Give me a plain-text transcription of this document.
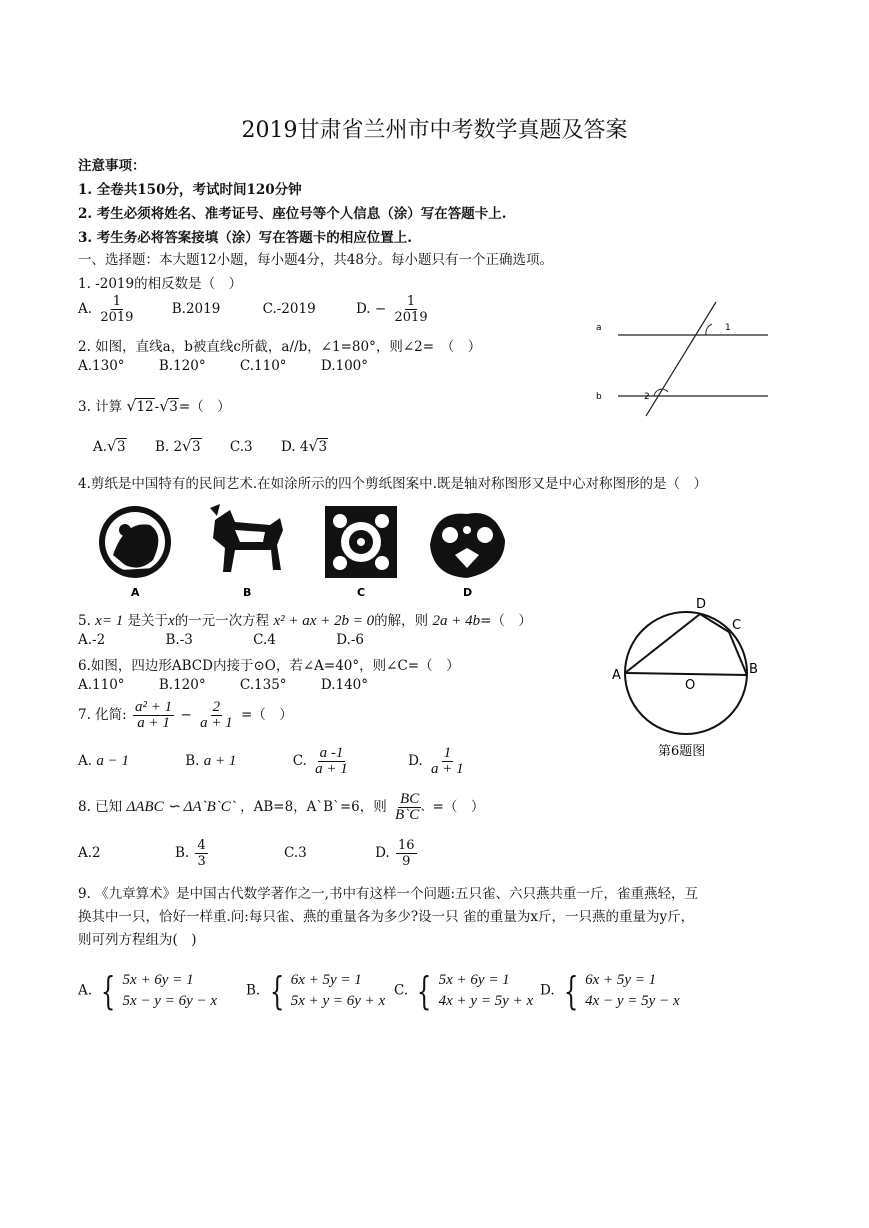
2019甘肃省兰州市中考数学真题及答案
注意事项：
1. 全卷共150分，考试时间120分钟
2. 考生必须将姓名、准考证号、座位号等个人信息（涂）写在答题卡上.
3. 考生务必将答案接填（涂）写在答题卡的相应位置上.
一、选择题：本大题12小题，每小题4分，共48分。每小题只有一个正确选项。
1. -2019的相反数是（　）
A. $\frac{1}{2019}$	B.2019	C.-2019	D. − $\frac{1}{2019}$
2. 如图，直线a，b被直线c所截，a//b，∠1=80°，则∠2=　（　）
A.130°	B.120°	C.110°	D.100°
a
b
1
2
3. 计算 √ 12- √ 3=（　）
A. √ 3 B. 2 √ 3 C.3 D. 4 √ 3
4.剪纸是中国特有的民间艺术.在如涂所示的四个剪纸图案中.既是轴对称图形又是中心对称图形的是（　）
A	B	C	D
5. x= 1 是关于x的一元一次方程 x² + ax + 2b = 0的解，则 2a + 4b=（　）
A.-2	B.-3	C.4	D.-6
6.如图，四边形ABCD内接于⊙O，若∠A=40°，则∠C=（　）
A.110°	B.120°	C.135°	D.140°
A	B
C
D
O
第6题图
7. 化简: $\frac{\text{a² + 1}}{a + 1} - \frac{2}{a + 1}$ =（　）
A. a − 1	B. a + 1	C. $\frac{a -1}{a + 1}$	D. $\frac{1}{a + 1}$
8. 已知 ΔABC ∽ ΔA`B`C` ，AB=8，A`B`=6，则 $\frac{BC}{B`C`}$ =（　）
A.2	B. $\frac{4}{3}$	C.3	D. $\frac{16}{9}$
9. 《九章算术》是中国古代数学著作之一,书中有这样一个问题:五只雀、六只燕共重一斤，雀重燕轻，互
换其中一只，恰好一样重.问:每只雀、燕的重量各为多少?设一只 雀的重量为x斤，一只燕的重量为y斤，
则可列方程组为(　)
A. { 5x + 6y = 1
5x − y = 6y − x
B. { 6x + 5y = 1
5x + y = 6y + x
C. { 5x + 6y = 1
4x + y = 5y + x
D. { 6x + 5y = 1
4x − y = 5y − x
